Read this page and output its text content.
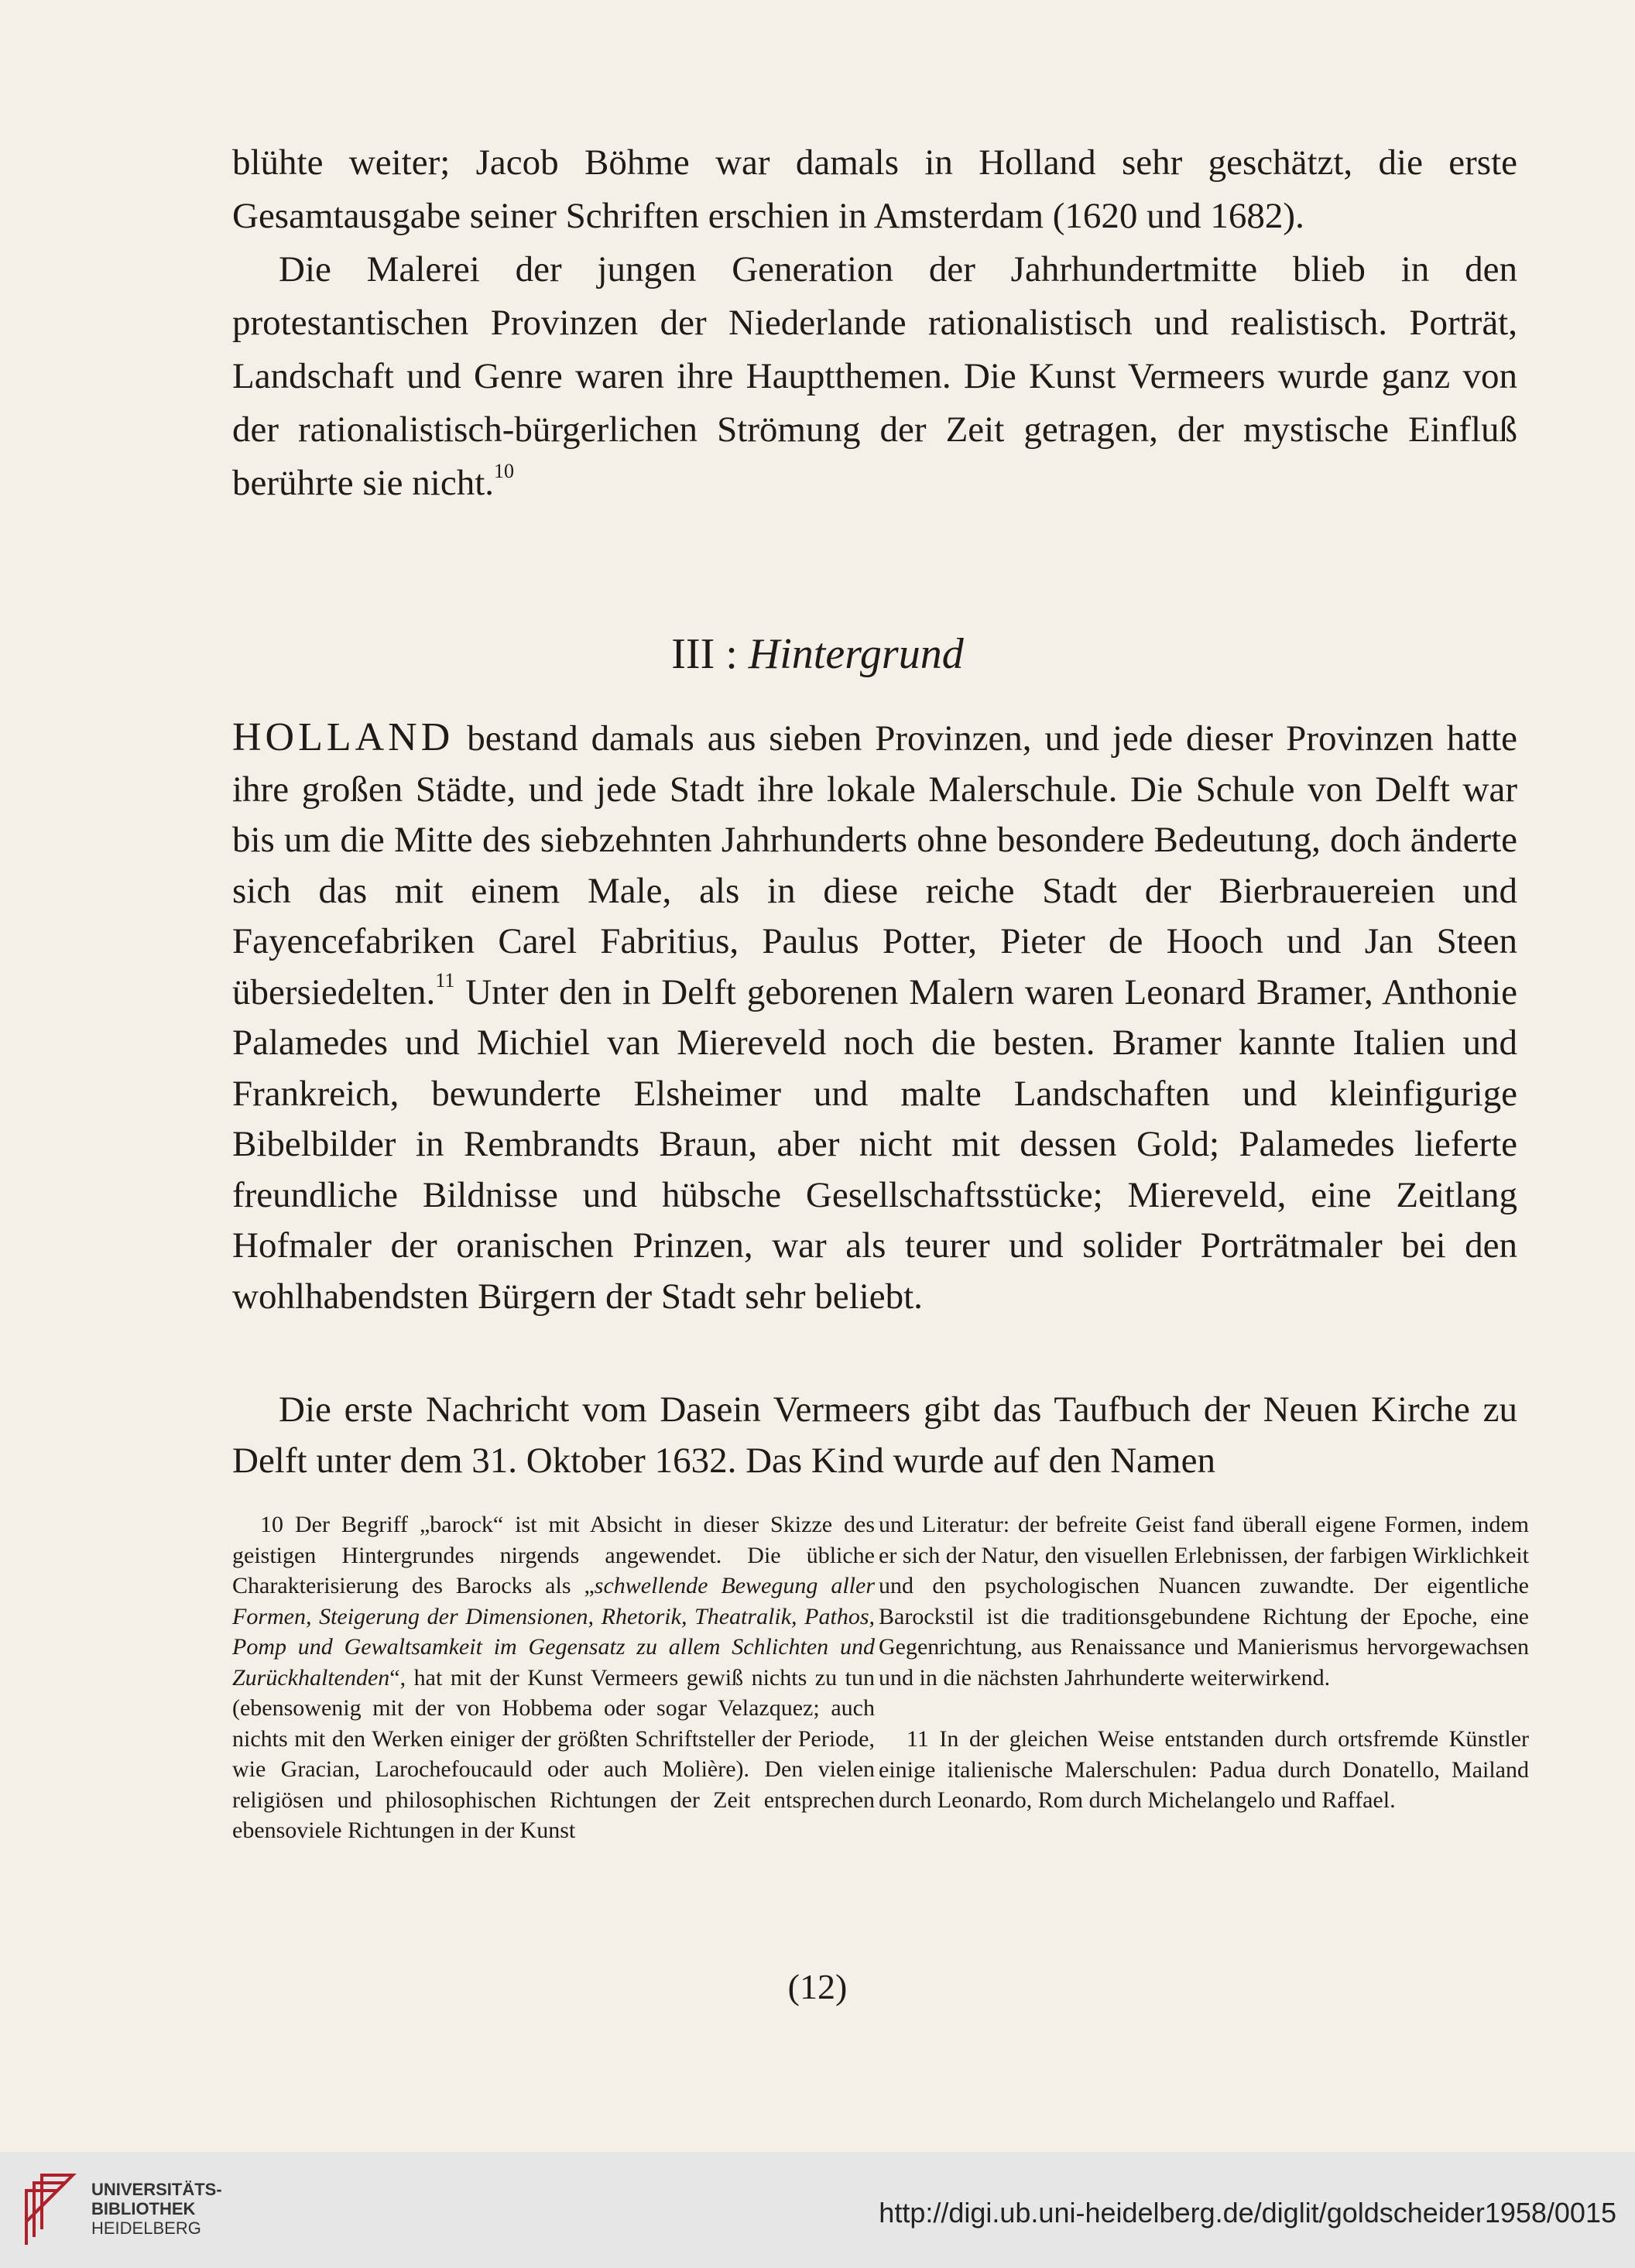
blühte weiter; Jacob Böhme war damals in Holland sehr geschätzt, die erste Gesamtausgabe seiner Schriften erschien in Amsterdam (1620 und 1682).
Die Malerei der jungen Generation der Jahrhundertmitte blieb in den protestantischen Provinzen der Niederlande rationalistisch und realistisch. Porträt, Landschaft und Genre waren ihre Hauptthemen. Die Kunst Vermeers wurde ganz von der rationalistisch-bürgerlichen Strömung der Zeit getragen, der mystische Einfluß berührte sie nicht.$^{10}$
III : Hintergrund
HOLLAND bestand damals aus sieben Provinzen, und jede dieser Provinzen hatte ihre großen Städte, und jede Stadt ihre lokale Malerschule. Die Schule von Delft war bis um die Mitte des siebzehnten Jahrhunderts ohne besondere Bedeutung, doch änderte sich das mit einem Male, als in diese reiche Stadt der Bierbrauereien und Fayencefabriken Carel Fabritius, Paulus Potter, Pieter de Hooch und Jan Steen übersiedelten.$^{11}$ Unter den in Delft geborenen Malern waren Leonard Bramer, Anthonie Palamedes und Michiel van Miereveld noch die besten. Bramer kannte Italien und Frankreich, bewunderte Elsheimer und malte Landschaften und kleinfigurige Bibelbilder in Rembrandts Braun, aber nicht mit dessen Gold; Palamedes lieferte freundliche Bildnisse und hübsche Gesellschaftsstücke; Miereveld, eine Zeitlang Hofmaler der oranischen Prinzen, war als teurer und solider Porträtmaler bei den wohlhabendsten Bürgern der Stadt sehr beliebt.
Die erste Nachricht vom Dasein Vermeers gibt das Taufbuch der Neuen Kirche zu Delft unter dem 31. Oktober 1632. Das Kind wurde auf den Namen

10 Der Begriff „barock“ ist mit Absicht in dieser Skizze des geistigen Hintergrundes nirgends angewendet. Die übliche Charakterisierung des Barocks als „schwellende Bewegung aller Formen, Steigerung der Dimensionen, Rhetorik, Theatralik, Pathos, Pomp und Gewaltsamkeit im Gegensatz zu allem Schlichten und Zurückhaltenden“, hat mit der Kunst Vermeers gewiß nichts zu tun (ebensowenig mit der von Hobbema oder sogar Velazquez; auch nichts mit den Werken einiger der größten Schriftsteller der Periode, wie Gracian, Larochefoucauld oder auch Molière). Den vielen religiösen und philosophischen Richtungen der Zeit entsprechen ebensoviele Richtungen in der Kunst

und Literatur: der befreite Geist fand überall eigene Formen, indem er sich der Natur, den visuellen Erlebnissen, der farbigen Wirklichkeit und den psychologischen Nuancen zuwandte. Der eigentliche Barockstil ist die traditionsgebundene Richtung der Epoche, eine Gegenrichtung, aus Renaissance und Manierismus hervorgewachsen und in die nächsten Jahrhunderte weiterwirkend.

11 In der gleichen Weise entstanden durch ortsfremde Künstler einige italienische Malerschulen: Padua durch Donatello, Mailand durch Leonardo, Rom durch Michelangelo und Raffael.

(12)
UNIVERSITÄTS-
BIBLIOTHEK
HEIDELBERG	http://digi.ub.uni-heidelberg.de/diglit/goldscheider1958/0015
